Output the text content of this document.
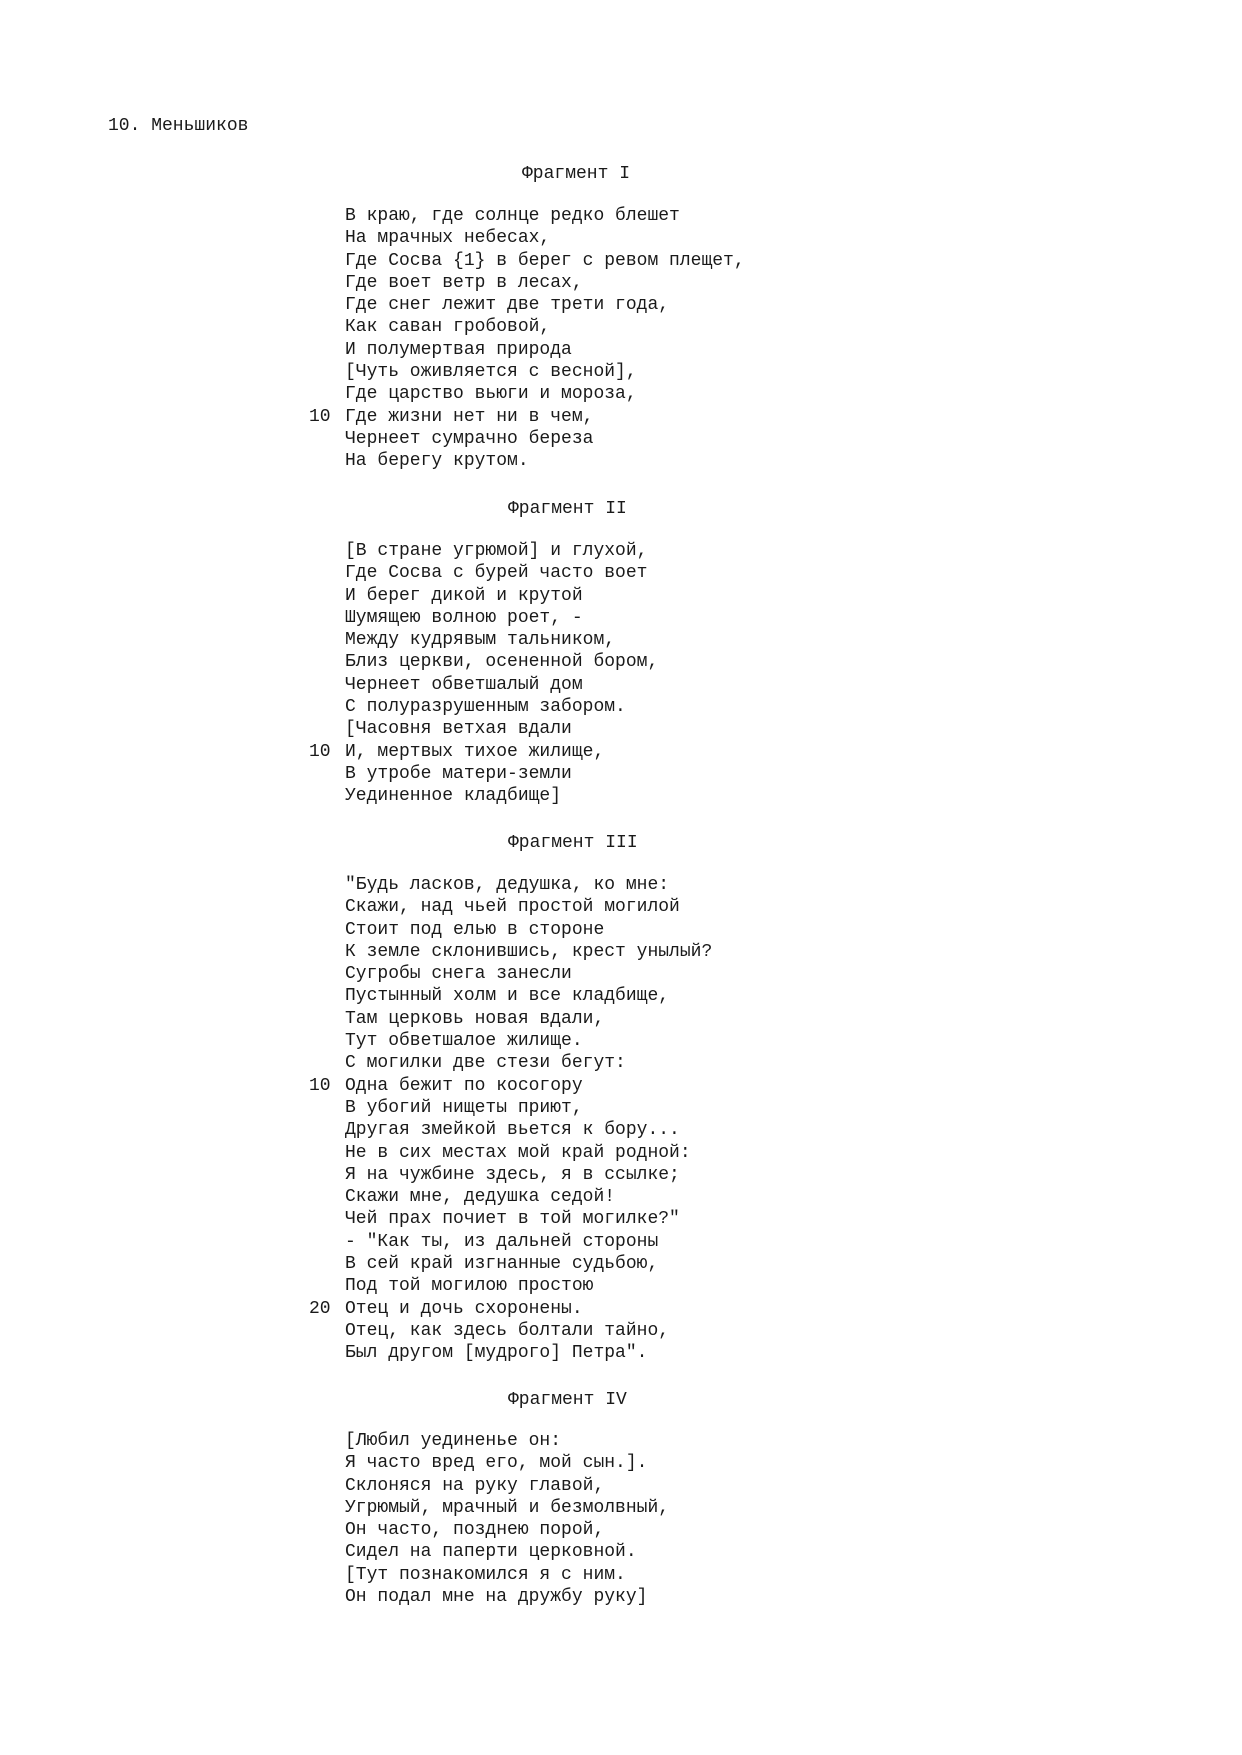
10. Меньшиков
Фрагмент I
В краю, где солнце редко блешет
На мрачных небесах,
Где Сосва {1} в берег с ревом плещет,
Где воет ветр в лесах,
Где снег лежит две трети года,
Как саван гробовой,
И полумертвая природа
[Чуть оживляется с весной],
Где царство вьюги и мороза,
10 Где жизни нет ни в чем,
Чернеет сумрачно береза
На берегу крутом.
Фрагмент II
[В стране угрюмой] и глухой,
Где Сосва с бурей часто воет
И берег дикой и крутой
Шумящею волною роет, -
Между кудрявым тальником,
Близ церкви, осененной бором,
Чернеет обветшалый дом
С полуразрушенным забором.
[Часовня ветхая вдали
10 И, мертвых тихое жилище,
В утробе матери-земли
Уединенное кладбище]
Фрагмент III
"Будь ласков, дедушка, ко мне:
Скажи, над чьей простой могилой
Стоит под елью в стороне
К земле склонившись, крест унылый?
Сугробы снега занесли
Пустынный холм и все кладбище,
Там церковь новая вдали,
Тут обветшалое жилище.
С могилки две стези бегут:
10 Одна бежит по косогору
В убогий нищеты приют,
Другая змейкой вьется к бору...
Не в сих местах мой край родной:
Я на чужбине здесь, я в ссылке;
Скажи мне, дедушка седой!
Чей прах почиет в той могилке?"
- "Как ты, из дальней стороны
В сей край изгнанные судьбою,
Под той могилою простою
20 Отец и дочь схоронены.
Отец, как здесь болтали тайно,
Был другом [мудрого] Петра".
Фрагмент IV
[Любил уединенье он:
Я часто вред его, мой сын.].
Склоняся на руку главой,
Угрюмый, мрачный и безмолвный,
Он часто, позднею порой,
Сидел на паперти церковной.
[Тут познакомился я с ним.
Он подал мне на дружбу руку]
